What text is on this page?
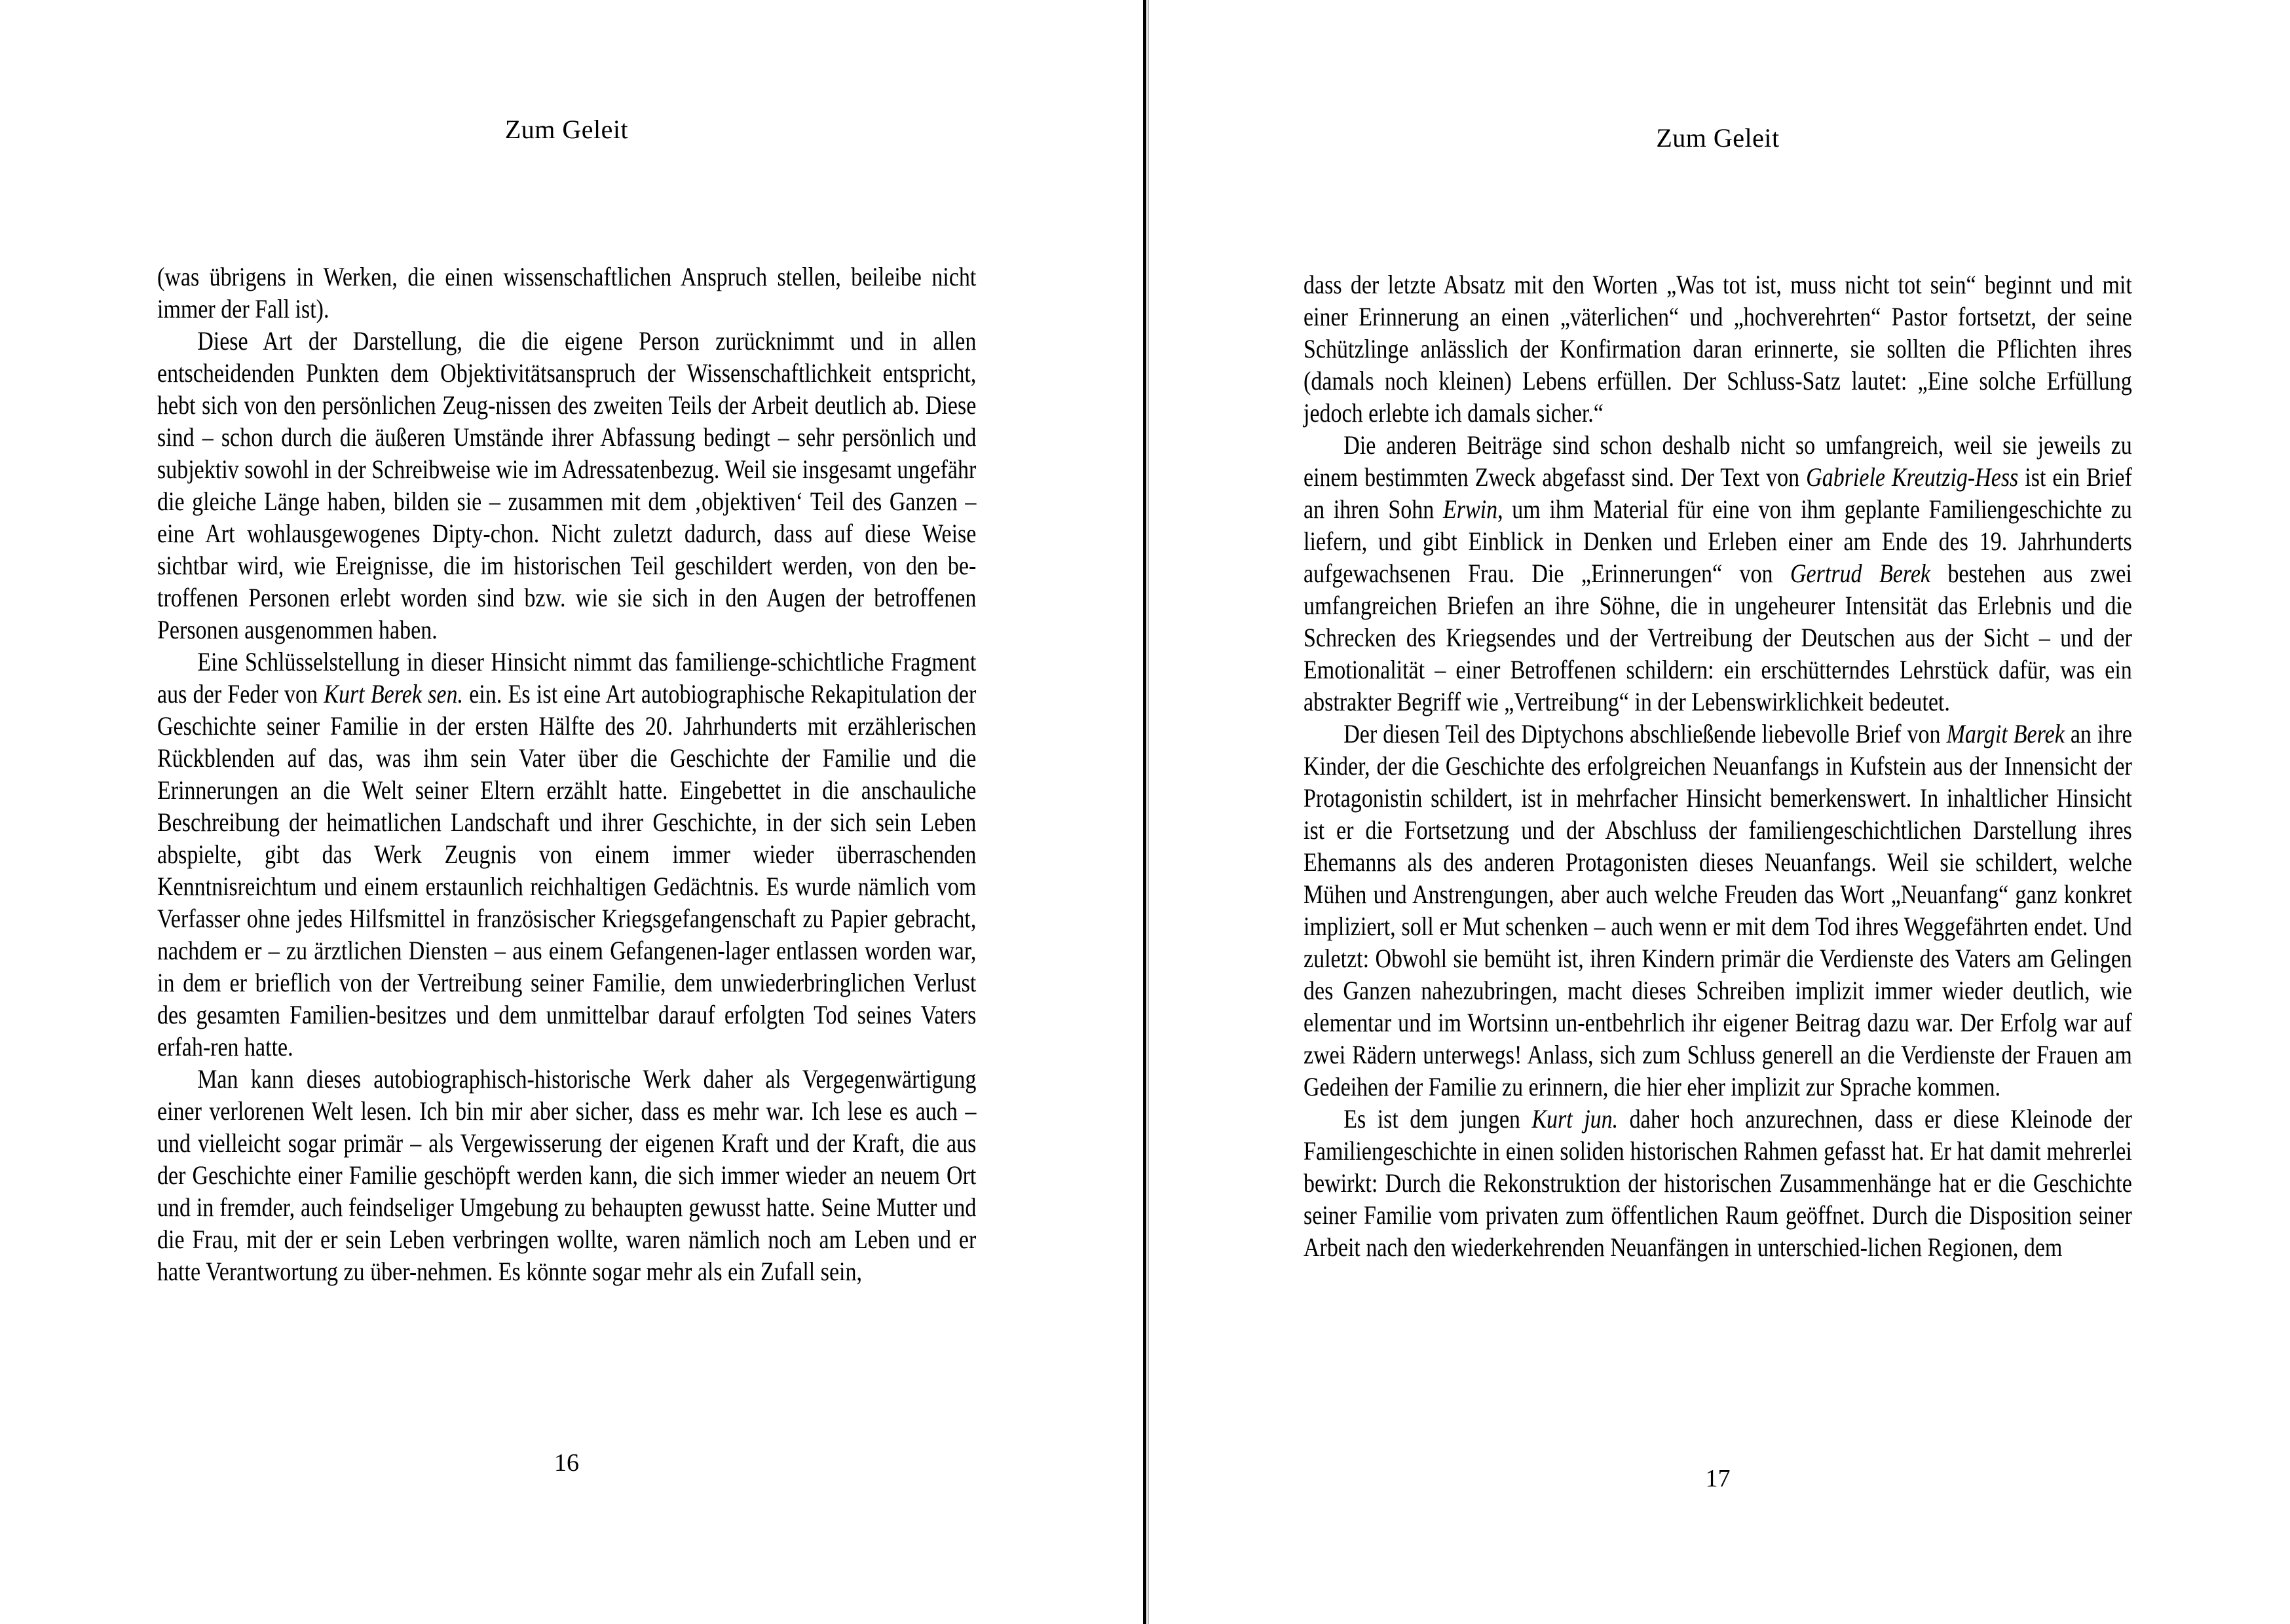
Zum Geleit

(was übrigens in Werken, die einen wissenschaftlichen Anspruch stellen, beileibe nicht immer der Fall ist).

Diese Art der Darstellung, die die eigene Person zurücknimmt und in allen entscheidenden Punkten dem Objektivitätsanspruch der Wissenschaftlichkeit entspricht, hebt sich von den persönlichen Zeug-nissen des zweiten Teils der Arbeit deutlich ab. Diese sind – schon durch die äußeren Umstände ihrer Abfassung bedingt – sehr persönlich und subjektiv sowohl in der Schreibweise wie im Adressatenbezug. Weil sie insgesamt ungefähr die gleiche Länge haben, bilden sie – zusammen mit dem ‚objektiven‘ Teil des Ganzen – eine Art wohlausgewogenes Dipty-chon. Nicht zuletzt dadurch, dass auf diese Weise sichtbar wird, wie Ereignisse, die im historischen Teil geschildert werden, von den be-troffenen Personen erlebt worden sind bzw. wie sie sich in den Augen der betroffenen Personen ausgenommen haben.

Eine Schlüsselstellung in dieser Hinsicht nimmt das familienge-schichtliche Fragment aus der Feder von Kurt Berek sen. ein. Es ist eine Art autobiographische Rekapitulation der Geschichte seiner Familie in der ersten Hälfte des 20. Jahrhunderts mit erzählerischen Rückblenden auf das, was ihm sein Vater über die Geschichte der Familie und die Erinnerungen an die Welt seiner Eltern erzählt hatte. Eingebettet in die anschauliche Beschreibung der heimatlichen Landschaft und ihrer Geschichte, in der sich sein Leben abspielte, gibt das Werk Zeugnis von einem immer wieder überraschenden Kenntnisreichtum und einem erstaunlich reichhaltigen Gedächtnis. Es wurde nämlich vom Verfasser ohne jedes Hilfsmittel in französischer Kriegsgefangenschaft zu Papier gebracht, nachdem er – zu ärztlichen Diensten – aus einem Gefangenen-lager entlassen worden war, in dem er brieflich von der Vertreibung seiner Familie, dem unwiederbringlichen Verlust des gesamten Familien-besitzes und dem unmittelbar darauf erfolgten Tod seines Vaters erfah-ren hatte.

Man kann dieses autobiographisch-historische Werk daher als Vergegenwärtigung einer verlorenen Welt lesen. Ich bin mir aber sicher, dass es mehr war. Ich lese es auch – und vielleicht sogar primär – als Vergewisserung der eigenen Kraft und der Kraft, die aus der Geschichte einer Familie geschöpft werden kann, die sich immer wieder an neuem Ort und in fremder, auch feindseliger Umgebung zu behaupten gewusst hatte. Seine Mutter und die Frau, mit der er sein Leben verbringen wollte, waren nämlich noch am Leben und er hatte Verantwortung zu über-nehmen. Es könnte sogar mehr als ein Zufall sein,

16
Zum Geleit

dass der letzte Absatz mit den Worten „Was tot ist, muss nicht tot sein“ beginnt und mit einer Erinnerung an einen „väterlichen“ und „hochverehrten“ Pastor fortsetzt, der seine Schützlinge anlässlich der Konfirmation daran erinnerte, sie sollten die Pflichten ihres (damals noch kleinen) Lebens erfüllen. Der Schluss-Satz lautet: „Eine solche Erfüllung jedoch erlebte ich damals sicher.“

Die anderen Beiträge sind schon deshalb nicht so umfangreich, weil sie jeweils zu einem bestimmten Zweck abgefasst sind. Der Text von Gabriele Kreutzig-Hess ist ein Brief an ihren Sohn Erwin, um ihm Material für eine von ihm geplante Familiengeschichte zu liefern, und gibt Einblick in Denken und Erleben einer am Ende des 19. Jahrhunderts aufgewachsenen Frau. Die „Erinnerungen“ von Gertrud Berek bestehen aus zwei umfangreichen Briefen an ihre Söhne, die in ungeheurer Intensität das Erlebnis und die Schrecken des Kriegsendes und der Vertreibung der Deutschen aus der Sicht – und der Emotionalität – einer Betroffenen schildern: ein erschütterndes Lehrstück dafür, was ein abstrakter Begriff wie „Vertreibung“ in der Lebenswirklichkeit bedeutet.

Der diesen Teil des Diptychons abschließende liebevolle Brief von Margit Berek an ihre Kinder, der die Geschichte des erfolgreichen Neuanfangs in Kufstein aus der Innensicht der Protagonistin schildert, ist in mehrfacher Hinsicht bemerkenswert. In inhaltlicher Hinsicht ist er die Fortsetzung und der Abschluss der familiengeschichtlichen Darstellung ihres Ehemanns als des anderen Protagonisten dieses Neuanfangs. Weil sie schildert, welche Mühen und Anstrengungen, aber auch welche Freuden das Wort „Neuanfang“ ganz konkret impliziert, soll er Mut schenken – auch wenn er mit dem Tod ihres Weggefährten endet. Und zuletzt: Obwohl sie bemüht ist, ihren Kindern primär die Verdienste des Vaters am Gelingen des Ganzen nahezubringen, macht dieses Schreiben implizit immer wieder deutlich, wie elementar und im Wortsinn un-entbehrlich ihr eigener Beitrag dazu war. Der Erfolg war auf zwei Rädern unterwegs! Anlass, sich zum Schluss generell an die Verdienste der Frauen am Gedeihen der Familie zu erinnern, die hier eher implizit zur Sprache kommen.

Es ist dem jungen Kurt jun. daher hoch anzurechnen, dass er diese Kleinode der Familiengeschichte in einen soliden historischen Rahmen gefasst hat. Er hat damit mehrerlei bewirkt: Durch die Rekonstruktion der historischen Zusammenhänge hat er die Geschichte seiner Familie vom privaten zum öffentlichen Raum geöffnet. Durch die Disposition seiner Arbeit nach den wiederkehrenden Neuanfängen in unterschied-lichen Regionen, dem

17
